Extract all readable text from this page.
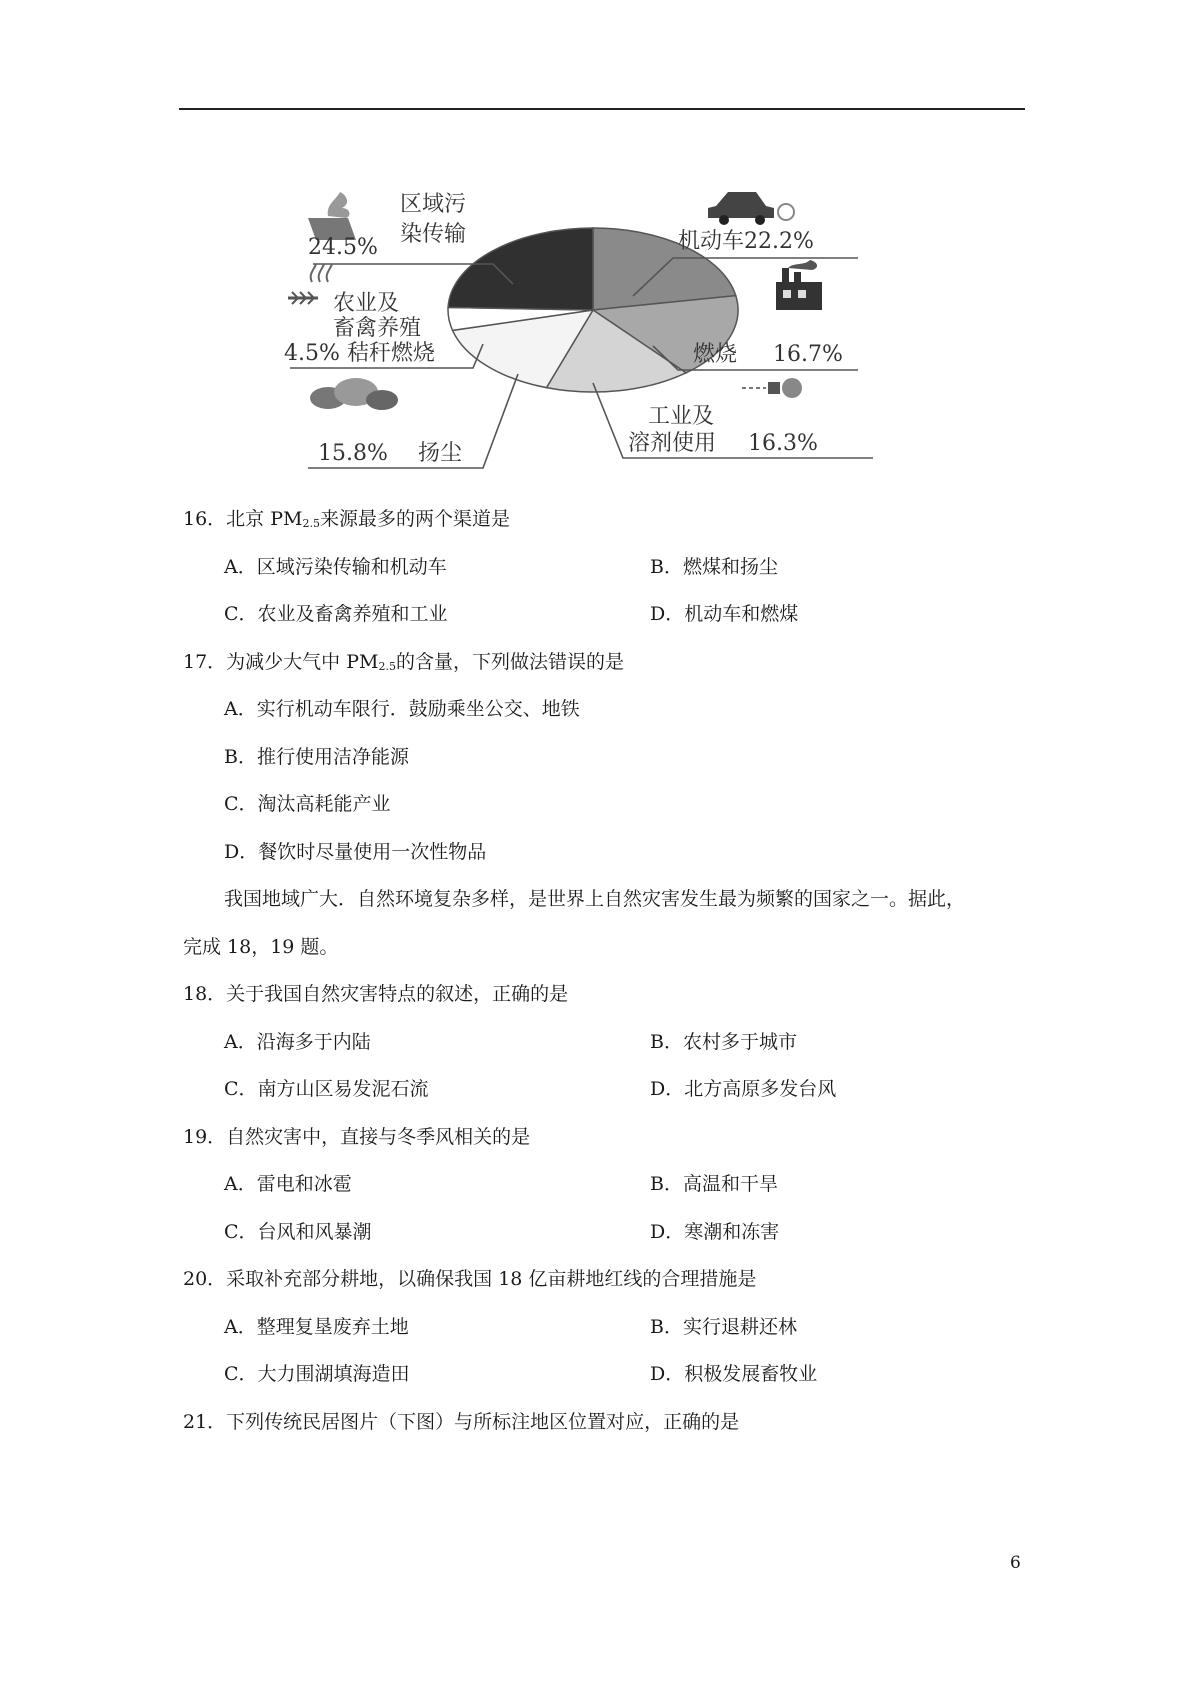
区域污
染传输
24.5%	机动车22.2%
农业及
畜禽养殖
4.5% 秸秆燃烧	燃烧 16.7%
工业及
溶剂使用 16.3%
15.8% 扬尘
16．北京 PM2.5来源最多的两个渠道是
A．区域污染传输和机动车	B．燃煤和扬尘
C．农业及畜禽养殖和工业	D．机动车和燃煤
17．为减少大气中 PM2.5的含量，下列做法错误的是
A．实行机动车限行．鼓励乘坐公交、地铁
B．推行使用洁净能源
C．淘汰高耗能产业
D．餐饮时尽量使用一次性物品
我国地域广大．自然环境复杂多样，是世界上自然灾害发生最为频繁的国家之一。据此，
完成 18，19 题。
18．关于我国自然灾害特点的叙述，正确的是
A．沿海多于内陆	B．农村多于城市
C．南方山区易发泥石流	D．北方高原多发台风
19．自然灾害中，直接与冬季风相关的是
A．雷电和冰雹	B．高温和干旱
C．台风和风暴潮	D．寒潮和冻害
20．采取补充部分耕地，以确保我国 18 亿亩耕地红线的合理措施是
A．整理复垦废弃土地	B．实行退耕还林
C．大力围湖填海造田	D．积极发展畜牧业
21．下列传统民居图片（下图）与所标注地区位置对应，正确的是
6
